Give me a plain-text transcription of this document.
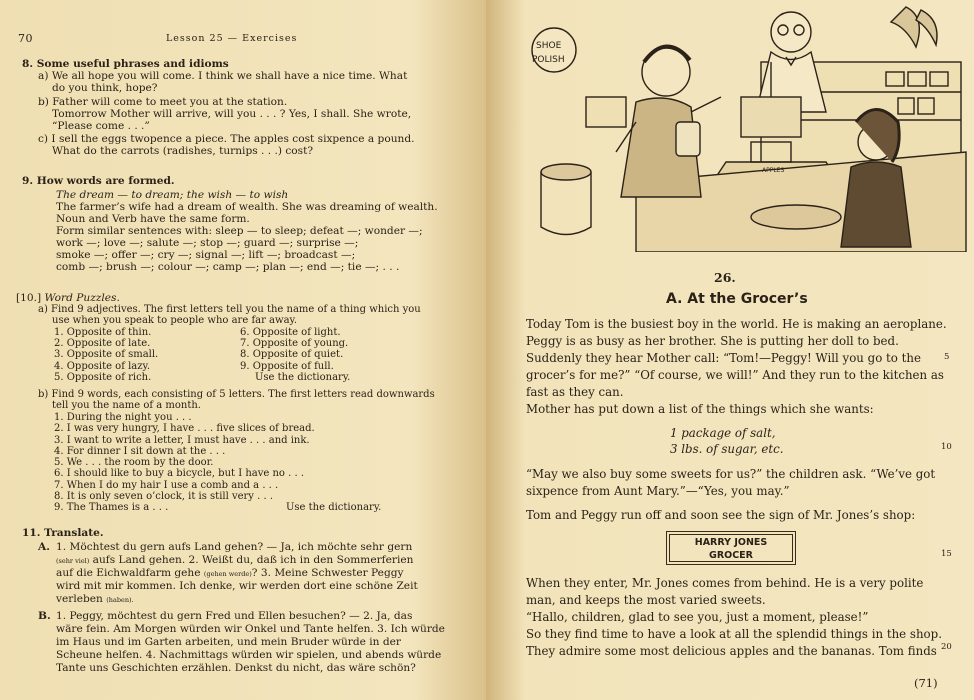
70	Lesson 25 — Exercises
8. Some useful phrases and idioms
a) We all hope you will come. I think we shall have a nice time. What
do you think, hope?
b) Father will come to meet you at the station.
Tomorrow Mother will arrive, will you . . . ? Yes, I shall. She wrote,
“Please come . . .”
c) I sell the eggs twopence a piece. The apples cost sixpence a pound.
What do the carrots (radishes, turnips . . .) cost?
9. How words are formed.
The dream — to dream; the wish — to wish
The farmer’s wife had a dream of wealth. She was dreaming of wealth.
Noun and Verb have the same form.
Form similar sentences with: sleep — to sleep; defeat —; wonder —;
work —; love —; salute —; stop —; guard —; surprise —;
smoke —; offer —; cry —; signal —; lift —; broadcast —;
comb —; brush —; colour —; camp —; plan —; end —; tie —; . . .
[10.] Word Puzzles.
a) Find 9 adjectives. The first letters tell you the name of a thing which you
use when you speak to people who are far away.
1. Opposite of thin.
2. Opposite of late.
3. Opposite of small.
4. Opposite of lazy.
5. Opposite of rich.
6. Opposite of light.
7. Opposite of young.
8. Opposite of quiet.
9. Opposite of full.
Use the dictionary.
b) Find 9 words, each consisting of 5 letters. The first letters read downwards
tell you the name of a month.
1. During the night you . . .
2. I was very hungry, I have . . . five slices of bread.
3. I want to write a letter, I must have . . . and ink.
4. For dinner I sit down at the . . .
5. We . . . the room by the door.
6. I should like to buy a bicycle, but I have no . . .
7. When I do my hair I use a comb and a . . .
8. It is only seven o’clock, it is still very . . .
9. The Thames is a . . .	Use the dictionary.
11. Translate.
A. 1. Möchtest du gern aufs Land gehen? — Ja, ich möchte sehr gern
(sehr viel) aufs Land gehen. 2. Weißt du, daß ich in den Sommerferien
auf die Eichwaldfarm gehe (gehen werde)? 3. Meine Schwester Peggy
wird mit mir kommen. Ich denke, wir werden dort eine schöne Zeit
verleben (haben).
B. 1. Peggy, möchtest du gern Fred und Ellen besuchen? — 2. Ja, das
wäre fein. Am Morgen würden wir Onkel und Tante helfen. 3. Ich würde
im Haus und im Garten arbeiten, und mein Bruder würde in der
Scheune helfen. 4. Nachmittags würden wir spielen, und abends würde
Tante uns Geschichten erzählen. Denkst du nicht, das wäre schön?
SHOE
POLISH
APPLES
26.
A. At the Grocer’s
Today Tom is the busiest boy in the world. He is making an aeroplane.
Peggy is as busy as her brother. She is putting her doll to bed.
Suddenly they hear Mother call: “Tom!—Peggy! Will you go to the
grocer’s for me?” “Of course, we will!” And they run to the kitchen as
fast as they can.
Mother has put down a list of the things which she wants:
1 package of salt,
3 lbs. of sugar, etc.
“May we also buy some sweets for us?” the children ask. “We’ve got
sixpence from Aunt Mary.”—“Yes, you may.”
Tom and Peggy run off and soon see the sign of Mr. Jones’s shop:
HARRY JONES
GROCER
When they enter, Mr. Jones comes from behind. He is a very polite
man, and keeps the most varied sweets.
“Hallo, children, glad to see you, just a moment, please!”
So they find time to have a look at all the splendid things in the shop.
They admire some most delicious apples and the bananas. Tom finds
5
10
15
20
(71)
